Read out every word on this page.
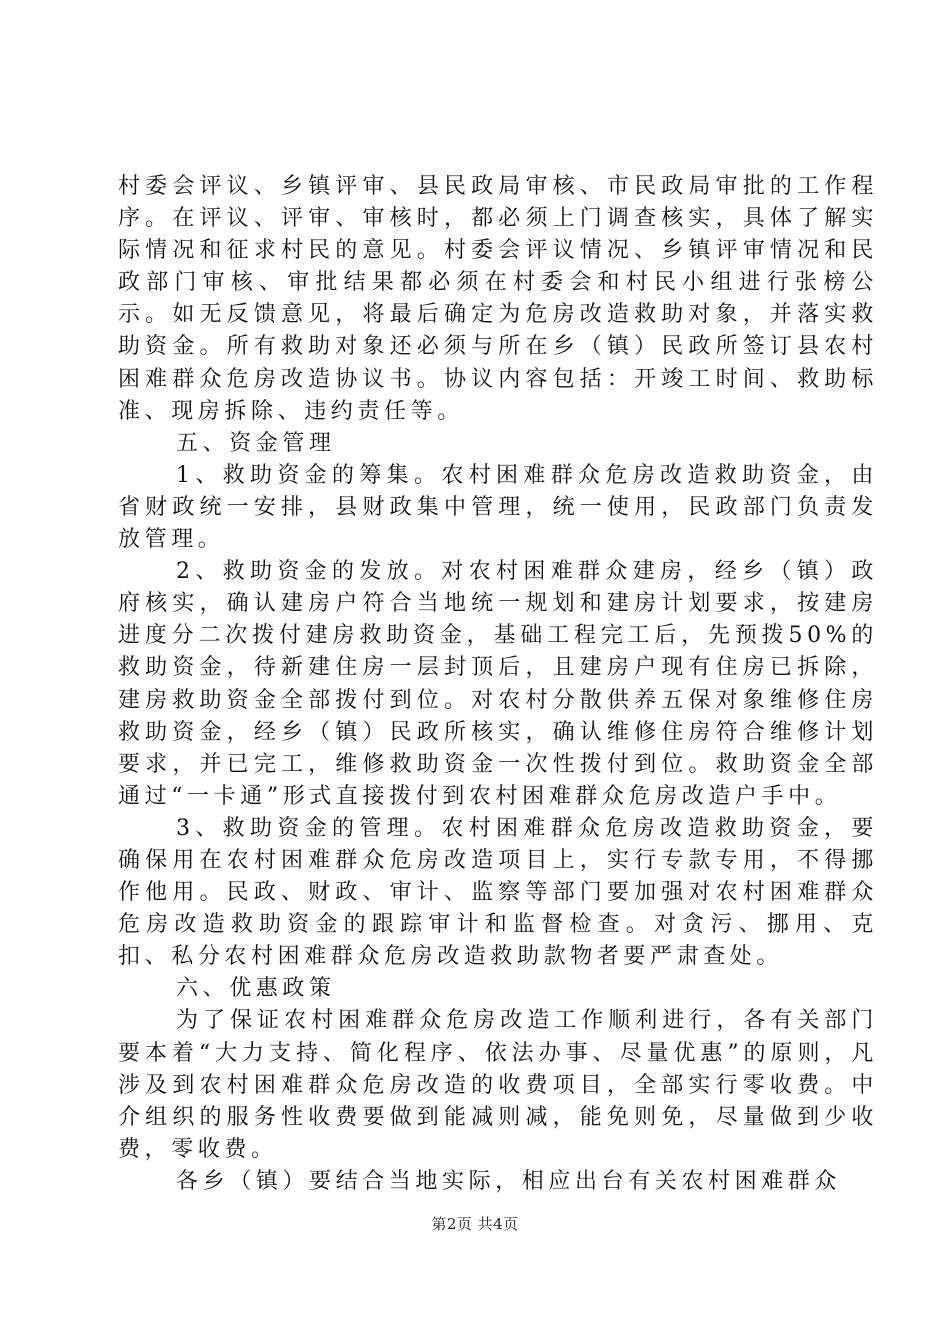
村委会评议、乡镇评审、县民政局审核、市民政局审批的工作程序。在评议、评审、审核时，都必须上门调查核实，具体了解实际情况和征求村民的意见。村委会评议情况、乡镇评审情况和民政部门审核、审批结果都必须在村委会和村民小组进行张榜公示。如无反馈意见，将最后确定为危房改造救助对象，并落实救助资金。所有救助对象还必须与所在乡（镇）民政所签订县农村困难群众危房改造协议书。协议内容包括：开竣工时间、救助标准、现房拆除、违约责任等。

五、资金管理

1、救助资金的筹集。农村困难群众危房改造救助资金，由省财政统一安排，县财政集中管理，统一使用，民政部门负责发放管理。

2、救助资金的发放。对农村困难群众建房，经乡（镇）政府核实，确认建房户符合当地统一规划和建房计划要求，按建房进度分二次拨付建房救助资金，基础工程完工后，先预拨50%的救助资金，待新建住房一层封顶后，且建房户现有住房已拆除，建房救助资金全部拨付到位。对农村分散供养五保对象维修住房救助资金，经乡（镇）民政所核实，确认维修住房符合维修计划要求，并已完工，维修救助资金一次性拨付到位。救助资金全部通过“一卡通”形式直接拨付到农村困难群众危房改造户手中。

3、救助资金的管理。农村困难群众危房改造救助资金，要确保用在农村困难群众危房改造项目上，实行专款专用，不得挪作他用。民政、财政、审计、监察等部门要加强对农村困难群众危房改造救助资金的跟踪审计和监督检查。对贪污、挪用、克扣、私分农村困难群众危房改造救助款物者要严肃查处。

六、优惠政策

为了保证农村困难群众危房改造工作顺利进行，各有关部门要本着“大力支持、简化程序、依法办事、尽量优惠”的原则，凡涉及到农村困难群众危房改造的收费项目，全部实行零收费。中介组织的服务性收费要做到能减则减，能免则免，尽量做到少收费，零收费。

各乡（镇）要结合当地实际，相应出台有关农村困难群众

第2页 共4页
